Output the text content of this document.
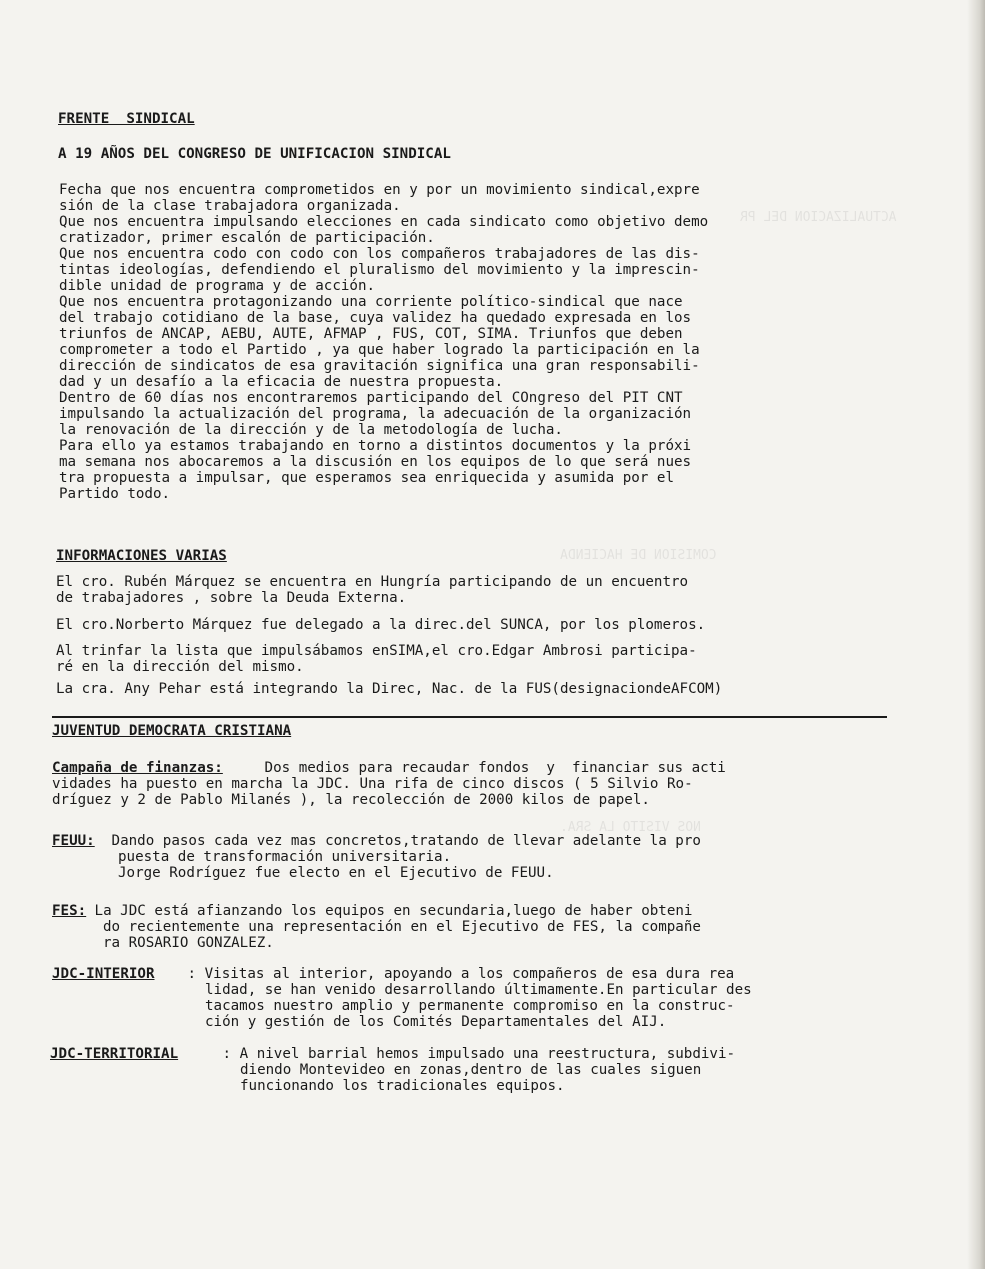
COMISION DE HACIENDA
ACTUALIZACION DEL PR
NOS VISITO LA SRA.
FRENTE  SINDICAL
A 19 AÑOS DEL CONGRESO DE UNIFICACION SINDICAL
Fecha que nos encuentra comprometidos en y por un movimiento sindical,expre
sión de la clase trabajadora organizada.
Que nos encuentra impulsando elecciones en cada sindicato como objetivo demo
cratizador, primer escalón de participación.
Que nos encuentra codo con codo con los compañeros trabajadores de las dis-
tintas ideologías, defendiendo el pluralismo del movimiento y la imprescin-
dible unidad de programa y de acción.
Que nos encuentra protagonizando una corriente político-sindical que nace
del trabajo cotidiano de la base, cuya validez ha quedado expresada en los
triunfos de ANCAP, AEBU, AUTE, AFMAP , FUS, COT, SIMA. Triunfos que deben
comprometer a todo el Partido , ya que haber logrado la participación en la
dirección de sindicatos de esa gravitación significa una gran responsabili-
dad y un desafío a la eficacia de nuestra propuesta.
Dentro de 60 días nos encontraremos participando del COngreso del PIT CNT
impulsando la actualización del programa, la adecuación de la organización
la renovación de la dirección y de la metodología de lucha.
Para ello ya estamos trabajando en torno a distintos documentos y la próxi
ma semana nos abocaremos a la discusión en los equipos de lo que será nues
tra propuesta a impulsar, que esperamos sea enriquecida y asumida por el
Partido todo.
INFORMACIONES VARIAS
El cro. Rubén Márquez se encuentra en Hungría participando de un encuentro
de trabajadores , sobre la Deuda Externa.
El cro.Norberto Márquez fue delegado a la direc.del SUNCA, por los plomeros.
Al trinfar la lista que impulsábamos enSIMA,el cro.Edgar Ambrosi participa-
ré en la dirección del mismo.
La cra. Any Pehar está integrando la Direc, Nac. de la FUS(designaciondeAFCOM)
JUVENTUD DEMOCRATA CRISTIANA
Campaña de finanzas: Dos medios para recaudar fondos  y  financiar sus acti
vidades ha puesto en marcha la JDC. Una rifa de cinco discos ( 5 Silvio Ro-
dríguez y 2 de Pablo Milanés ), la recolección de 2000 kilos de papel.
FEUU: Dando pasos cada vez mas concretos,tratando de llevar adelante la pro
puesta de transformación universitaria.
Jorge Rodríguez fue electo en el Ejecutivo de FEUU.
FES: La JDC está afianzando los equipos en secundaria,luego de haber obteni
do recientemente una representación en el Ejecutivo de FES, la compañe
ra ROSARIO GONZALEZ.
JDC-INTERIOR : Visitas al interior, apoyando a los compañeros de esa dura rea
lidad, se han venido desarrollando últimamente.En particular des
tacamos nuestro amplio y permanente compromiso en la construc-
ción y gestión de los Comités Departamentales del AIJ.
JDC-TERRITORIAL	: A nivel barrial hemos impulsado una reestructura, subdivi-
diendo Montevideo en zonas,dentro de las cuales siguen
funcionando los tradicionales equipos.
